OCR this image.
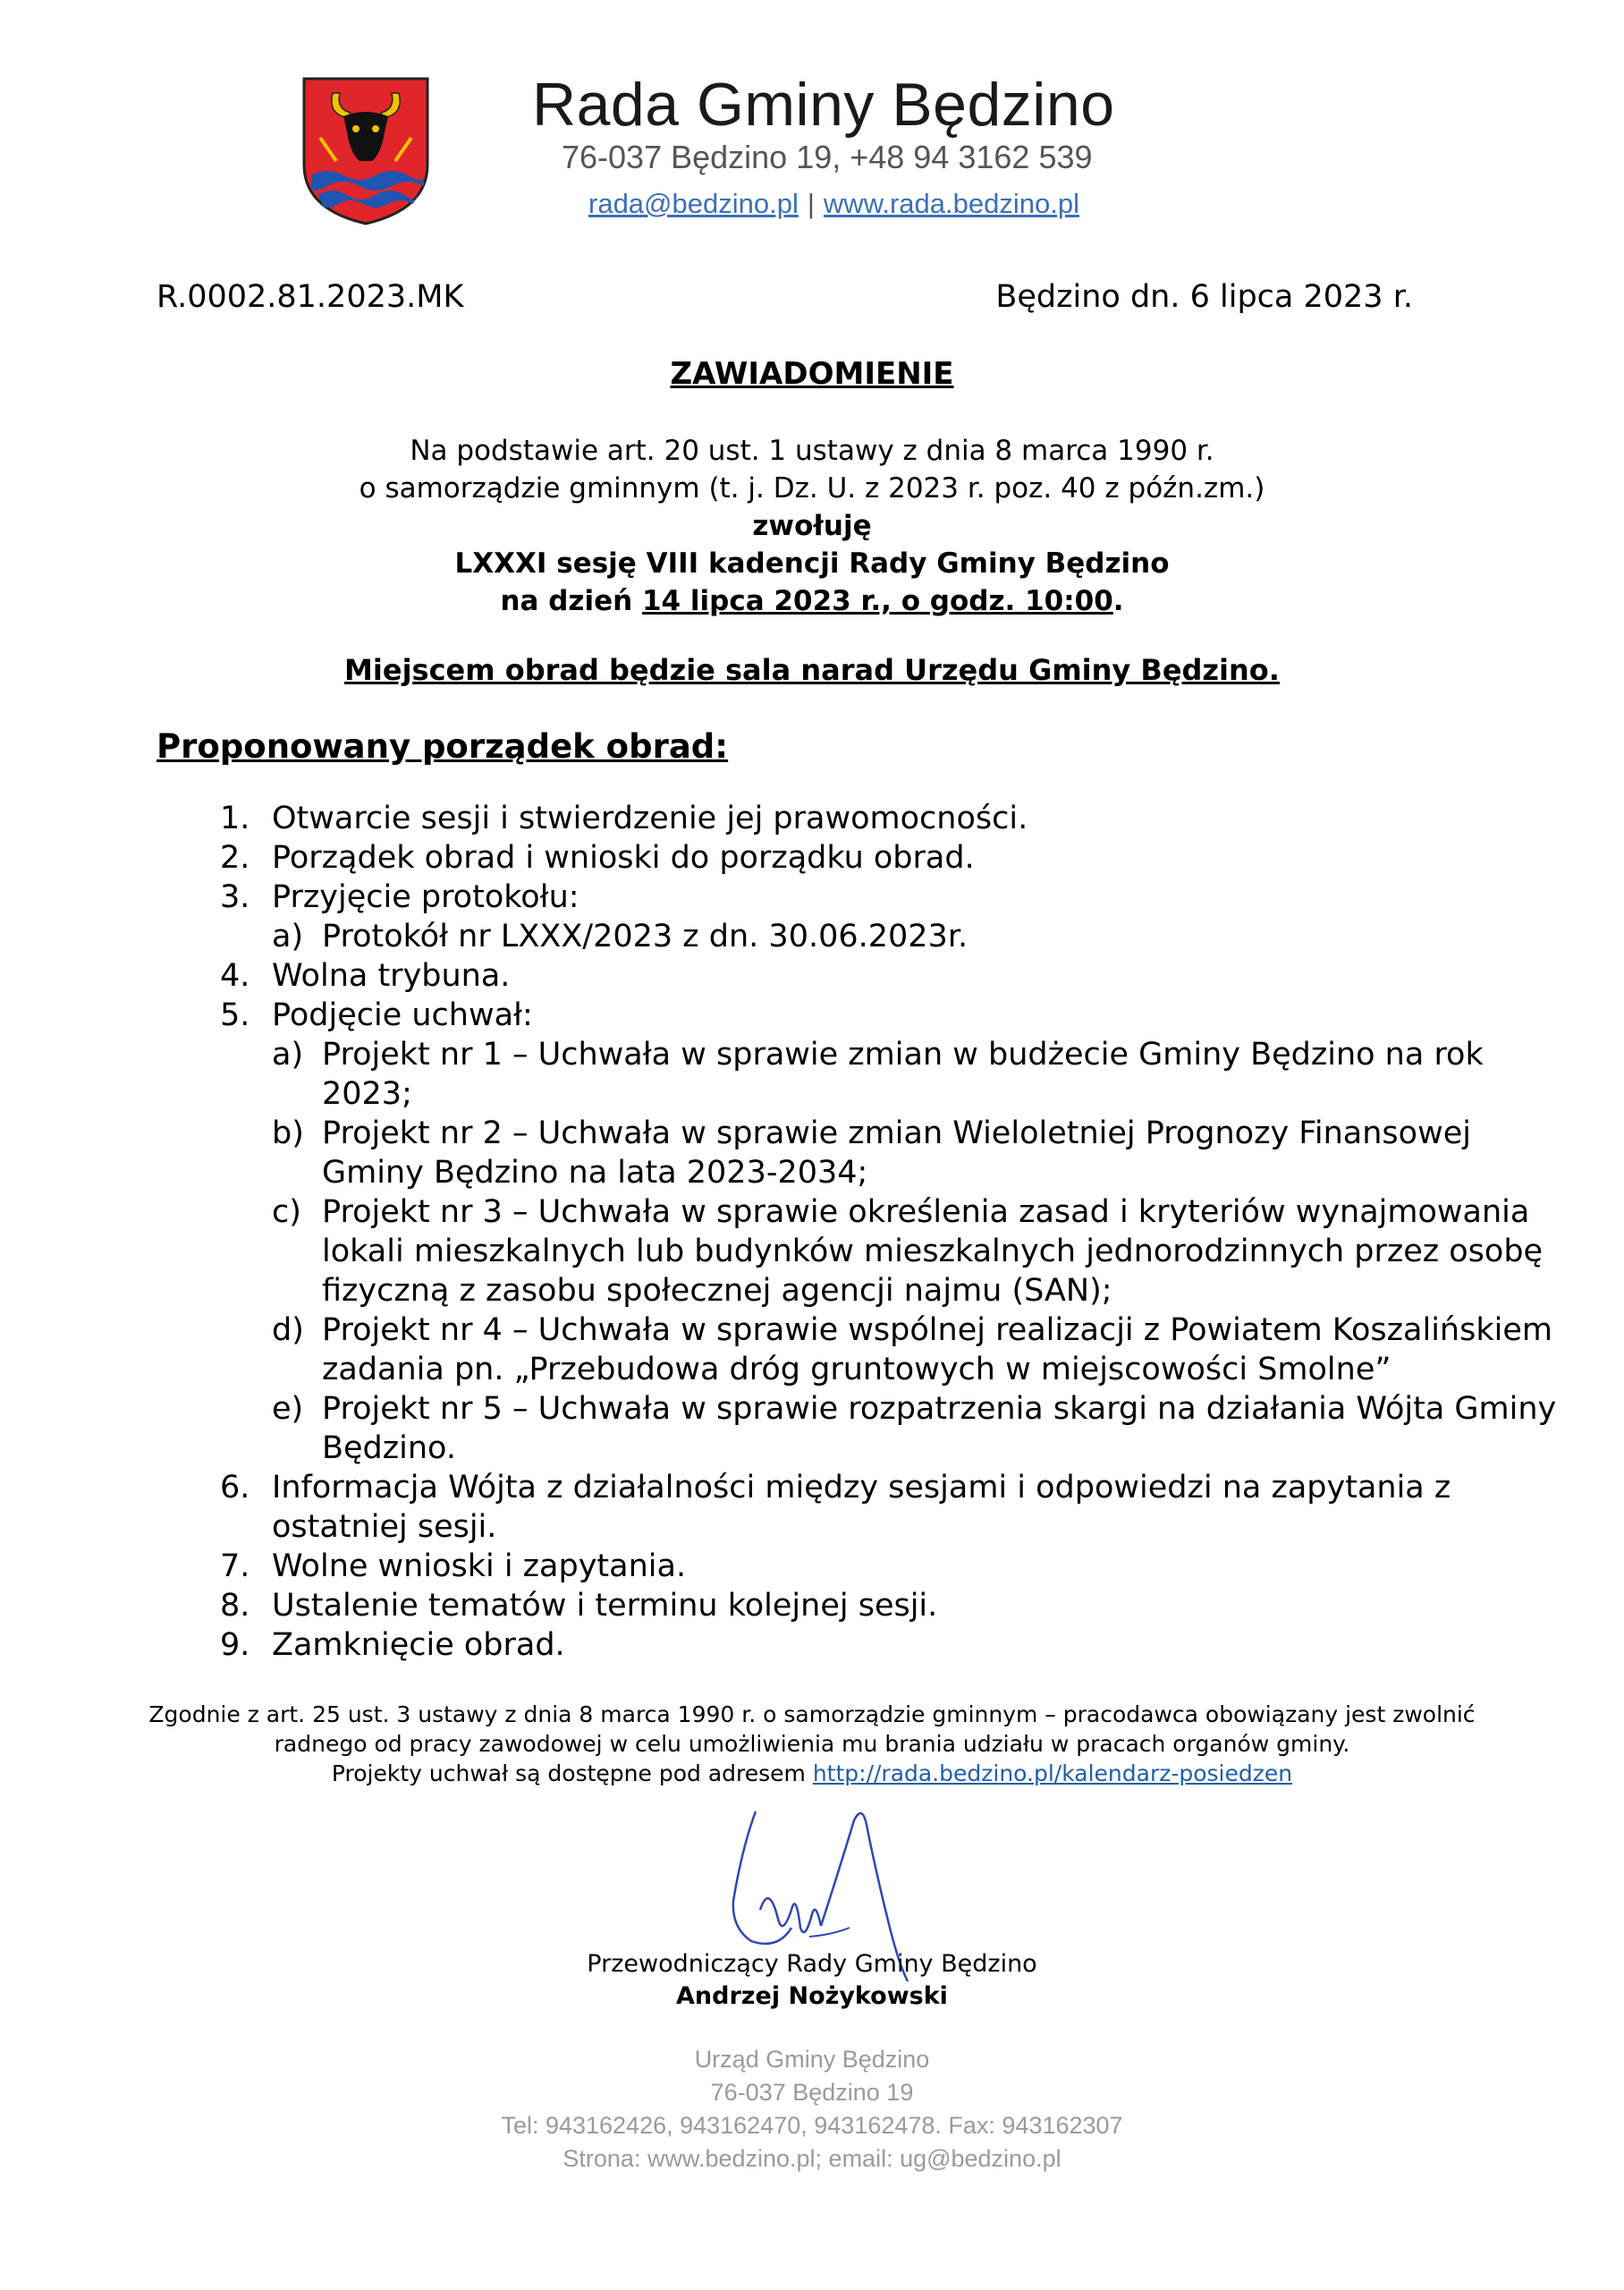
Rada Gminy Będzino
76-037 Będzino 19, +48 94 3162 539
rada@bedzino.pl | www.rada.bedzino.pl
R.0002.81.2023.MK	Będzino dn. 6 lipca 2023 r.
ZAWIADOMIENIE
Na podstawie art. 20 ust. 1 ustawy z dnia 8 marca 1990 r.
o samorządzie gminnym (t. j. Dz. U. z 2023 r. poz. 40 z późn.zm.)
zwołuję
LXXXI sesję VIII kadencji Rady Gminy Będzino
na dzień 14 lipca 2023 r., o godz. 10:00.
Miejscem obrad będzie sala narad Urzędu Gminy Będzino.
Proponowany porządek obrad:
1. Otwarcie sesji i stwierdzenie jej prawomocności.
2. Porządek obrad i wnioski do porządku obrad.
3. Przyjęcie protokołu:
a) Protokół nr LXXX/2023 z dn. 30.06.2023r.
4. Wolna trybuna.
5. Podjęcie uchwał:
a) Projekt nr 1 – Uchwała w sprawie zmian w budżecie Gminy Będzino na rok 2023;
b) Projekt nr 2 – Uchwała w sprawie zmian Wieloletniej Prognozy Finansowej Gminy Będzino na lata 2023-2034;
c) Projekt nr 3 – Uchwała w sprawie określenia zasad i kryteriów wynajmowania lokali mieszkalnych lub budynków mieszkalnych jednorodzinnych przez osobę fizyczną z zasobu społecznej agencji najmu (SAN);
d) Projekt nr 4 – Uchwała w sprawie wspólnej realizacji z Powiatem Koszalińskiem zadania pn. „Przebudowa dróg gruntowych w miejscowości Smolne”
e) Projekt nr 5 – Uchwała w sprawie rozpatrzenia skargi na działania Wójta Gminy Będzino.
6. Informacja Wójta z działalności między sesjami i odpowiedzi na zapytania z ostatniej sesji.
7. Wolne wnioski i zapytania.
8. Ustalenie tematów i terminu kolejnej sesji.
9. Zamknięcie obrad.
Zgodnie z art. 25 ust. 3 ustawy z dnia 8 marca 1990 r. o samorządzie gminnym – pracodawca obowiązany jest zwolnić
radnego od pracy zawodowej w celu umożliwienia mu brania udziału w pracach organów gminy.
Projekty uchwał są dostępne pod adresem http://rada.bedzino.pl/kalendarz-posiedzen
Przewodniczący Rady Gminy Będzino
Andrzej Nożykowski
Urząd Gminy Będzino
76-037 Będzino 19
Tel: 943162426, 943162470, 943162478. Fax: 943162307
Strona: www.bedzino.pl; email: ug@bedzino.pl
